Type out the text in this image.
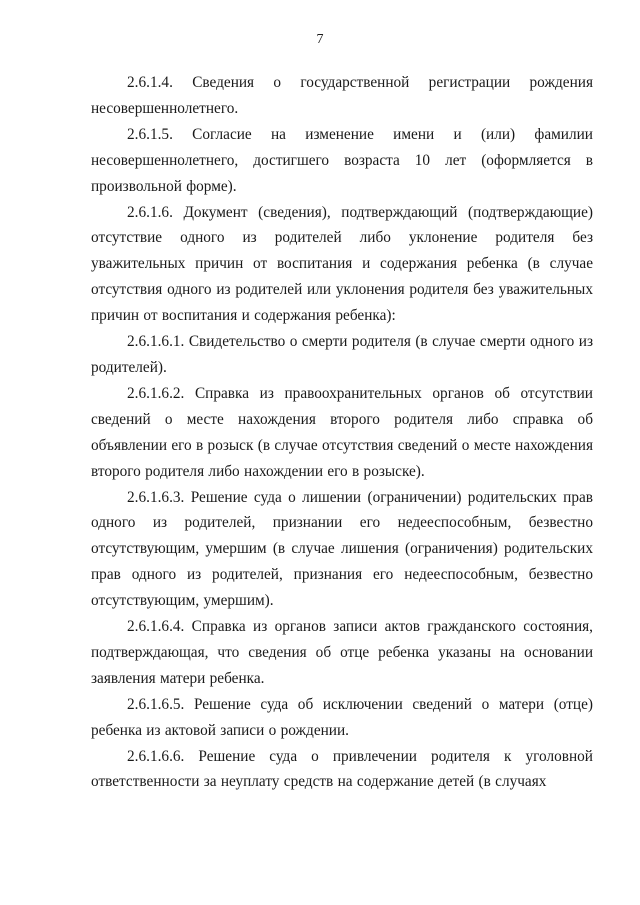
7

2.6.1.4. Сведения о государственной регистрации рождения несовершеннолетнего.

2.6.1.5. Согласие на изменение имени и (или) фамилии несовершеннолетнего, достигшего возраста 10 лет (оформляется в произвольной форме).

2.6.1.6. Документ (сведения), подтверждающий (подтверждающие) отсутствие одного из родителей либо уклонение родителя без уважительных причин от воспитания и содержания ребенка (в случае отсутствия одного из родителей или уклонения родителя без уважительных причин от воспитания и содержания ребенка):

2.6.1.6.1. Свидетельство о смерти родителя (в случае смерти одного из родителей).

2.6.1.6.2. Справка из правоохранительных органов об отсутствии сведений о месте нахождения второго родителя либо справка об объявлении его в розыск (в случае отсутствия сведений о месте нахождения второго родителя либо нахождении его в розыске).

2.6.1.6.3. Решение суда о лишении (ограничении) родительских прав одного из родителей, признании его недееспособным, безвестно отсутствующим, умершим (в случае лишения (ограничения) родительских прав одного из родителей, признания его недееспособным, безвестно отсутствующим, умершим).

2.6.1.6.4. Справка из органов записи актов гражданского состояния, подтверждающая, что сведения об отце ребенка указаны на основании заявления матери ребенка.

2.6.1.6.5. Решение суда об исключении сведений о матери (отце) ребенка из актовой записи о рождении.

2.6.1.6.6. Решение суда о привлечении родителя к уголовной ответственности за неуплату средств на содержание детей (в случаях
